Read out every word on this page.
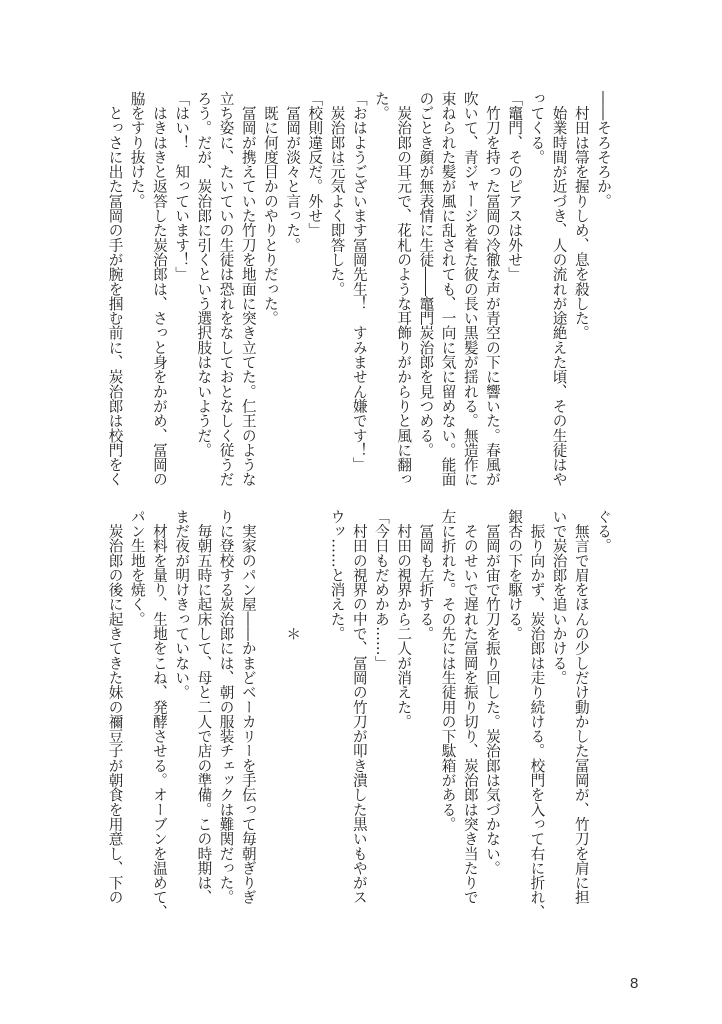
――そろそろか。
　村田は箒を握りしめ、息を殺した。
　始業時間が近づき、人の流れが途絶えた頃、その生徒はや
ってくる。
「竈門、そのピアスは外せ」
　竹刀を持った冨岡の冷徹な声が青空の下に響いた。春風が
吹いて、青ジャージを着た彼の長い黒髪が揺れる。無造作に
束ねられた髪が風に乱されても、一向に気に留めない。能面
のごとき顔が無表情に生徒――竈門炭治郎を見つめる。
　炭治郎の耳元で、花札のような耳飾りがからりと風に翻っ
た。
「おはようございます冨岡先生！　すみません嫌です！」
　炭治郎は元気よく即答した。
「校則違反だ。外せ」
　冨岡が淡々と言った。
　既に何度目かのやりとりだった。
　冨岡が携えていた竹刀を地面に突き立てた。仁王のような
立ち姿に、たいていの生徒は恐れをなしておとなしく従うだ
ろう。だが、炭治郎に引くという選択肢はないようだ。
「はい！　知っています！」
　はきはきと返答した炭治郎は、さっと身をかがめ、冨岡の
脇をすり抜けた。
　とっさに出た冨岡の手が腕を掴む前に、炭治郎は校門をく
ぐる。
　無言で眉をほんの少しだけ動かした冨岡が、竹刀を肩に担
いで炭治郎を追いかける。
　振り向かず、炭治郎は走り続ける。校門を入って右に折れ、
銀杏の下を駆ける。
　冨岡が宙で竹刀を振り回した。炭治郎は気づかない。
　そのせいで遅れた冨岡を振り切り、炭治郎は突き当たりで
左に折れた。その先には生徒用の下駄箱がある。
　冨岡も左折する。
　村田の視界から二人が消えた。
「今日もだめかあ……」
　村田の視界の中で、冨岡の竹刀が叩き潰した黒いもやがス
ウッ……と消えた。
　　　　　　　　＊
　実家のパン屋――かまどベーカリーを手伝って毎朝ぎりぎ
りに登校する炭治郎には、朝の服装チェックは難関だった。
　毎朝五時に起床して、母と二人で店の準備。この時期は、
まだ夜が明けきっていない。
　材料を量り、生地をこね、発酵させる。オーブンを温めて、
パン生地を焼く。
　炭治郎の後に起きてきた妹の禰豆子が朝食を用意し、下の
8
